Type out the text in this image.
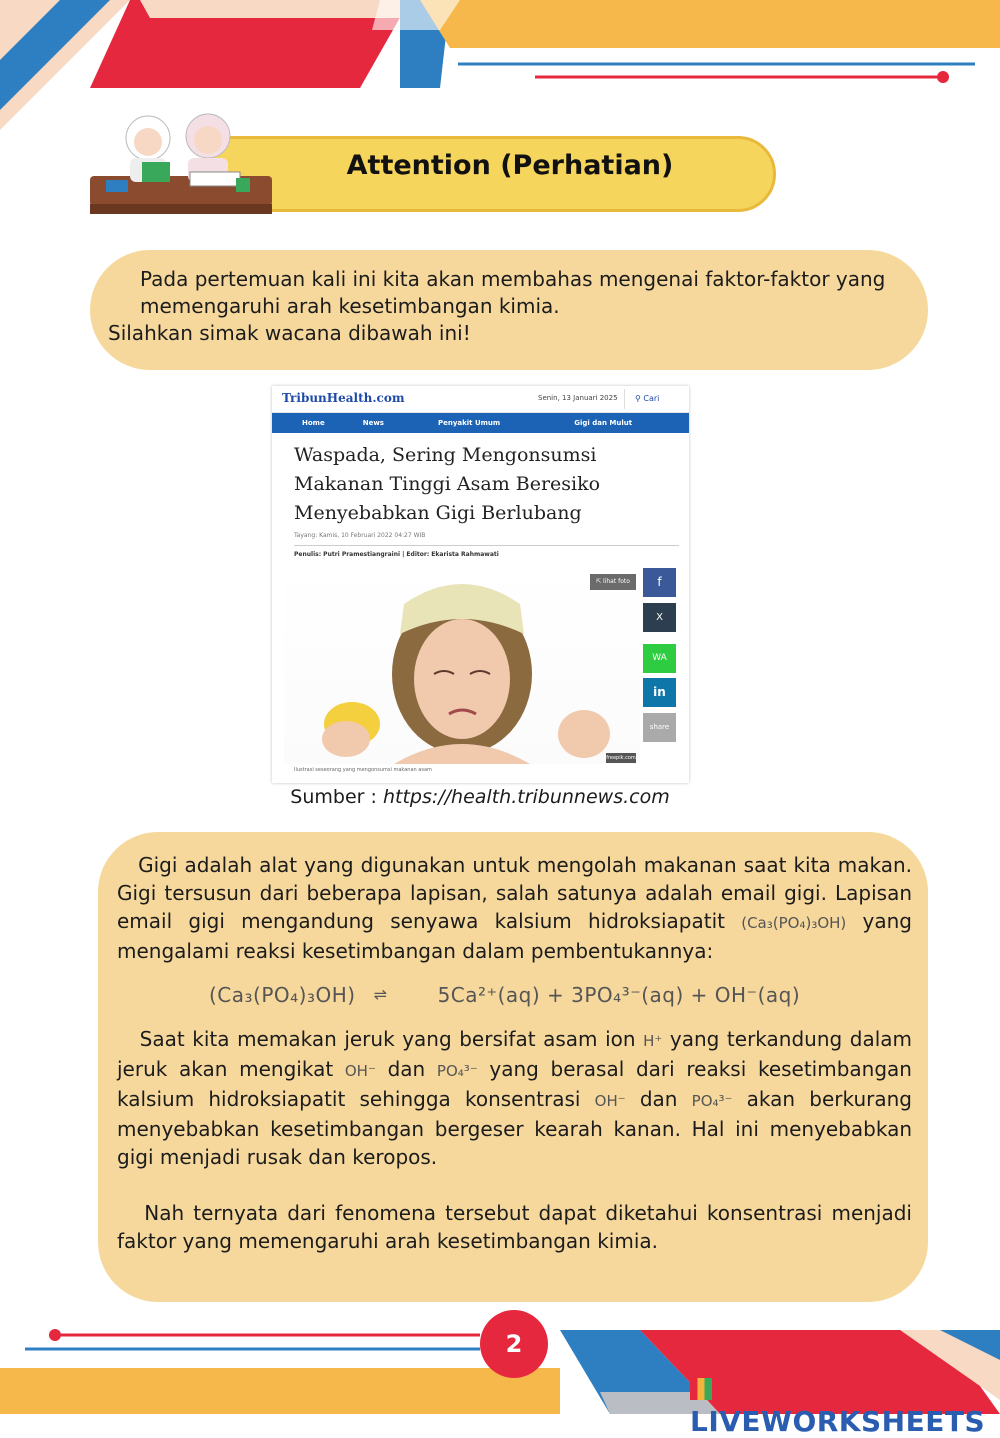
Attention (Perhatian)

Pada pertemuan kali ini kita akan membahas mengenai faktor-faktor yang memengaruhi arah kesetimbangan kimia.

Silahkan simak wacana dibawah ini!

TribunHealth.com	Senin, 13 Januari 2025	⚲ Cari
Home	News	Penyakit Umum	Gigi dan Mulut
Waspada, Sering Mengonsumsi Makanan Tinggi Asam Beresiko Menyebabkan Gigi Berlubang
Tayang: Kamis, 10 Februari 2022 04:27 WIB
Penulis: Putri Pramestiangraini | Editor: Ekarista Rahmawati
⇱ lihat foto	f
X
WA
in
share
freepik.com
Ilustrasi seseorang yang mengonsumsi makanan asam
Sumber : https://health.tribunnews.com

Gigi adalah alat yang digunakan untuk mengolah makanan saat kita makan. Gigi tersusun dari beberapa lapisan, salah satunya adalah email gigi. Lapisan email gigi mengandung senyawa kalsium hidroksiapatit (Ca₃(PO₄)₃OH) yang mengalami reaksi kesetimbangan dalam pembentukannya:

(Ca₃(PO₄)₃OH) ⇌	5Ca²⁺(aq) + 3PO₄³⁻(aq) + OH⁻(aq)

Saat kita memakan jeruk yang bersifat asam ion H⁺ yang terkandung dalam jeruk akan mengikat OH⁻ dan PO₄³⁻ yang berasal dari reaksi kesetimbangan kalsium hidroksiapatit sehingga konsentrasi OH⁻ dan PO₄³⁻ akan berkurang menyebabkan kesetimbangan bergeser kearah kanan. Hal ini menyebabkan gigi menjadi rusak dan keropos.

Nah ternyata dari fenomena tersebut dapat diketahui konsentrasi menjadi faktor yang memengaruhi arah kesetimbangan kimia.

2
LIVEWORKSHEETS
